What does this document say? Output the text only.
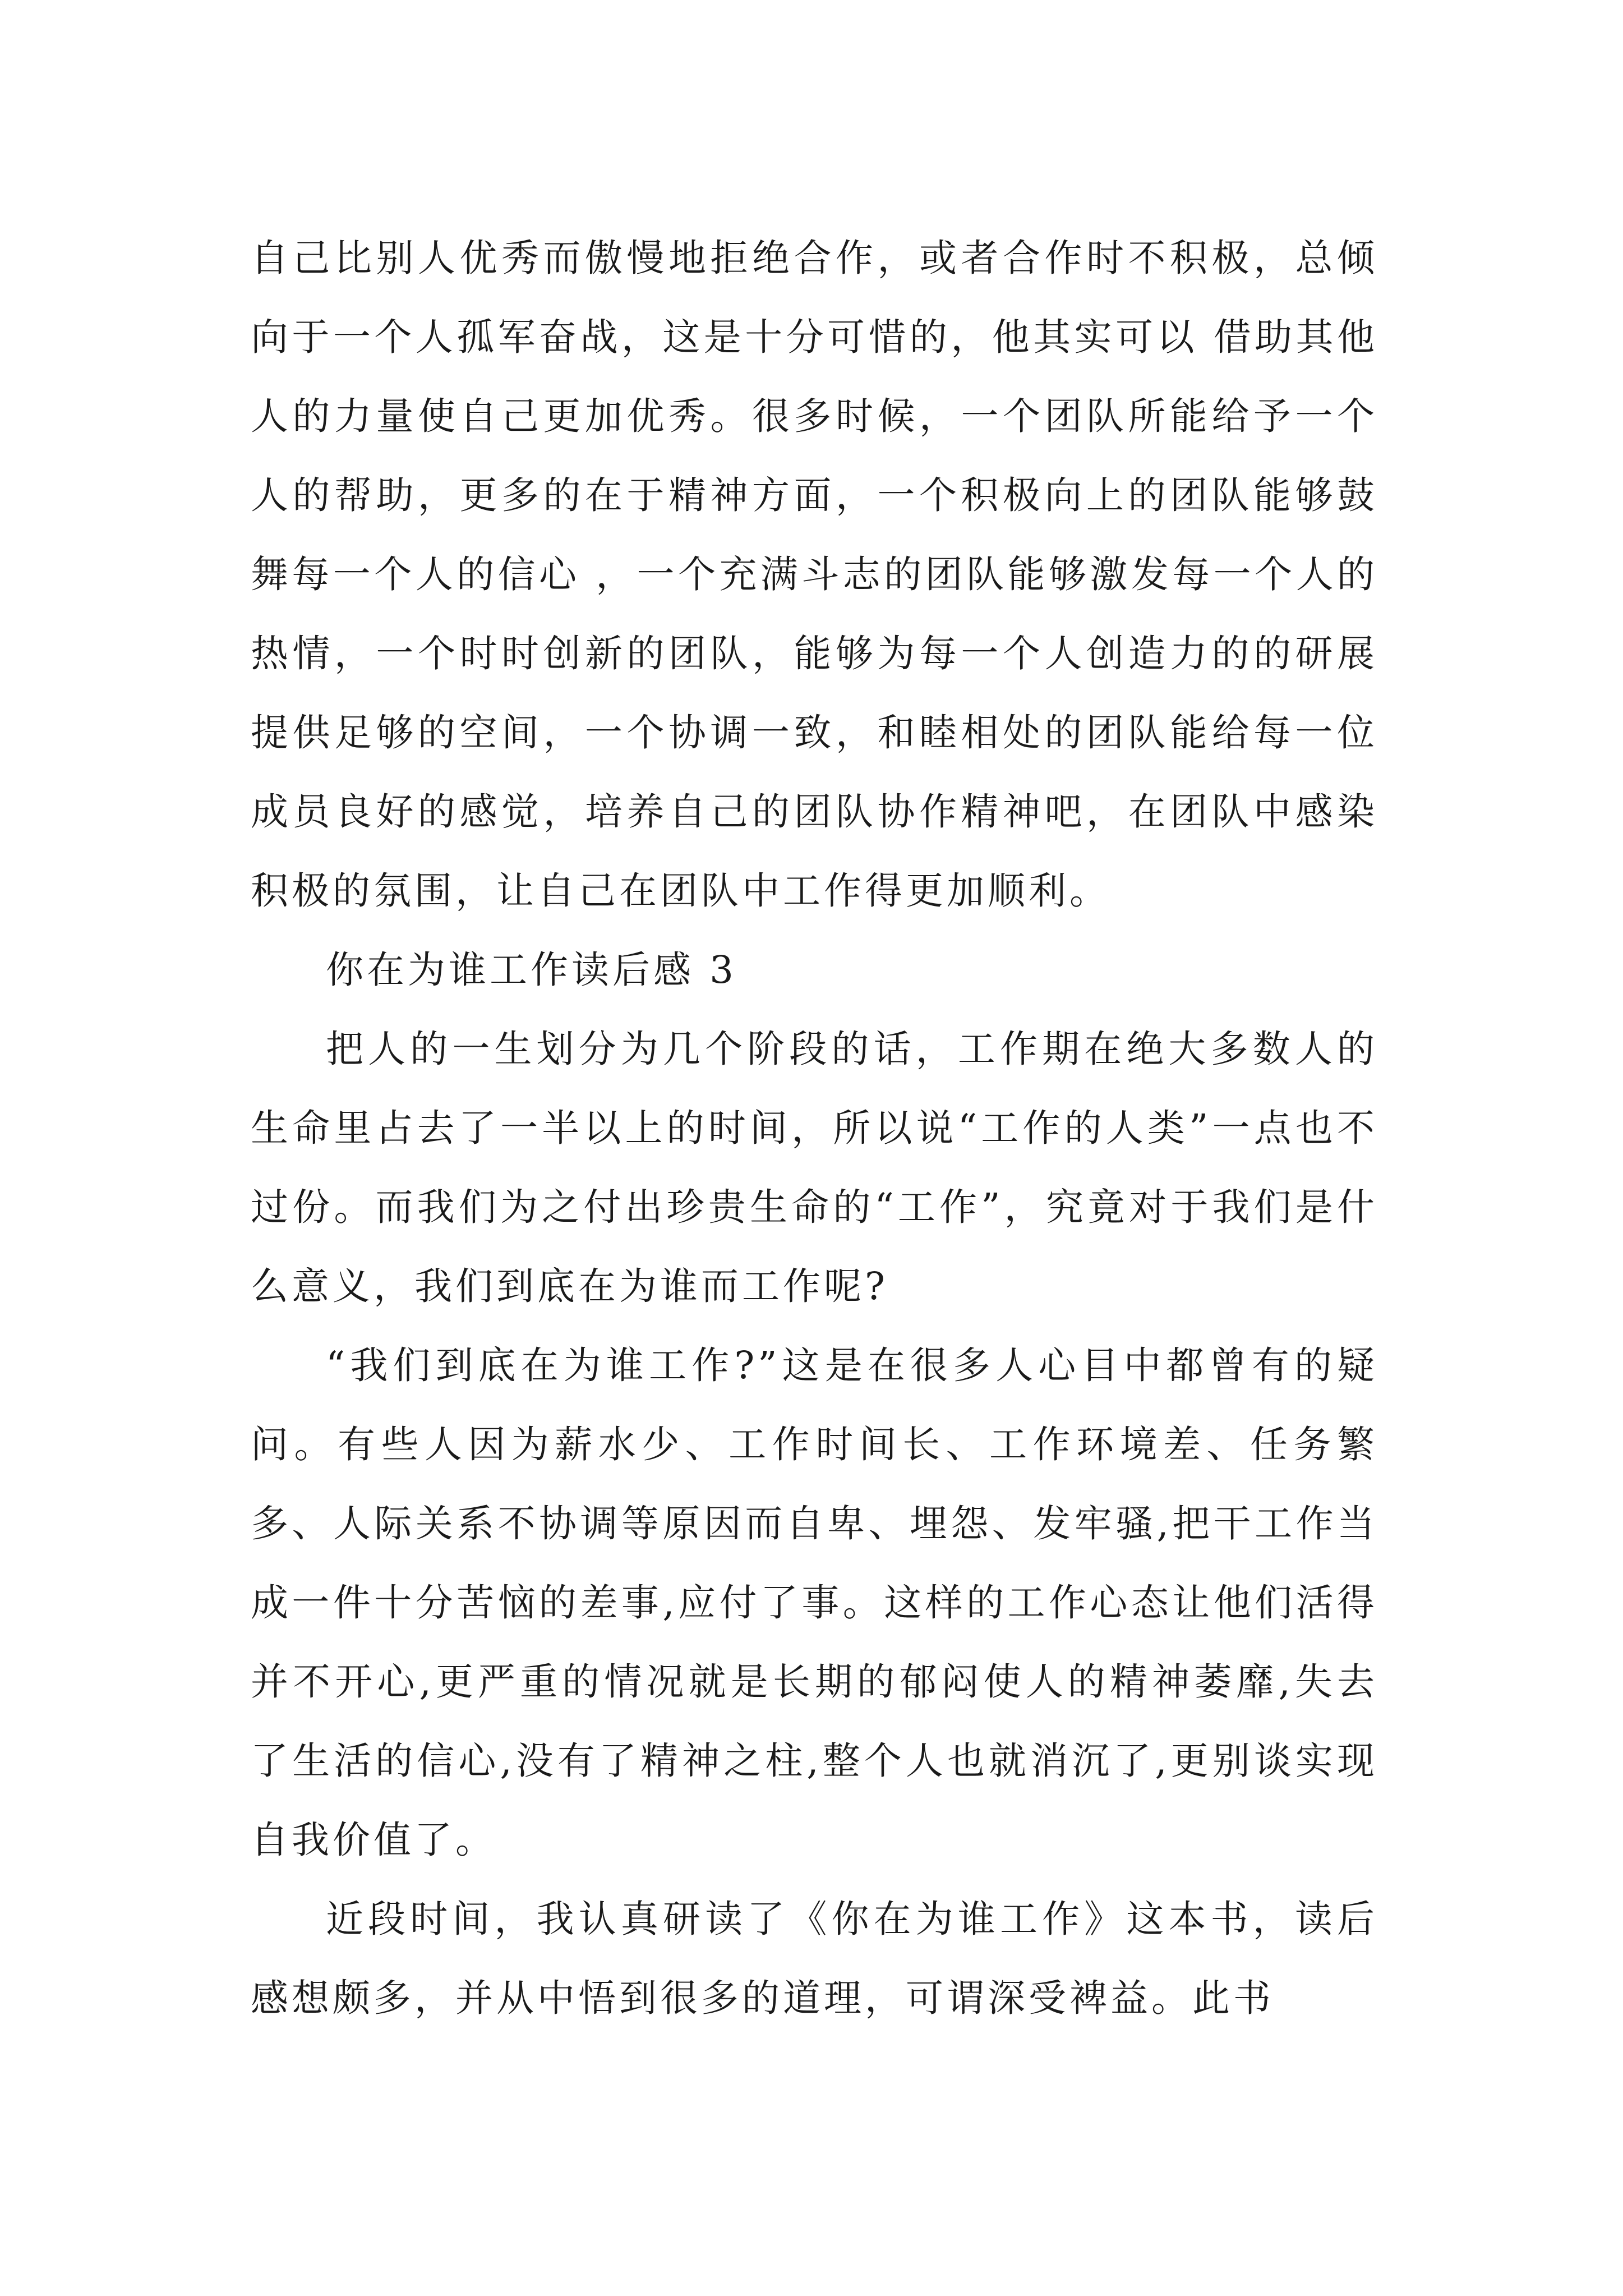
自己比别人优秀而傲慢地拒绝合作，或者合作时不积极，总倾向于一个人孤军奋战，这是十分可惜的，他其实可以 借助其他人的力量使自己更加优秀。很多时候，一个团队所能给予一个人的帮助，更多的在于精神方面，一个积极向上的团队能够鼓舞每一个人的信心 ，一个充满斗志的团队能够激发每一个人的热情，一个时时创新的团队，能够为每一个人创造力的的研展提供足够的空间，一个协调一致，和睦相处的团队能给每一位成员良好的感觉，培养自己的团队协作精神吧，在团队中感染积极的氛围，让自己在团队中工作得更加顺利。

你在为谁工作读后感 3

把人的一生划分为几个阶段的话，工作期在绝大多数人的生命里占去了一半以上的时间，所以说“工作的人类”一点也不过份。而我们为之付出珍贵生命的“工作”，究竟对于我们是什么意义，我们到底在为谁而工作呢?

“我们到底在为谁工作?”这是在很多人心目中都曾有的疑问。有些人因为薪水少、工作时间长、工作环境差、任务繁多、人际关系不协调等原因而自卑、埋怨、发牢骚,把干工作当成一件十分苦恼的差事,应付了事。这样的工作心态让他们活得并不开心,更严重的情况就是长期的郁闷使人的精神萎靡,失去了生活的信心,没有了精神之柱,整个人也就消沉了,更别谈实现自我价值了。

近段时间，我认真研读了《你在为谁工作》这本书，读后感想颇多，并从中悟到很多的道理，可谓深受裨益。此书
